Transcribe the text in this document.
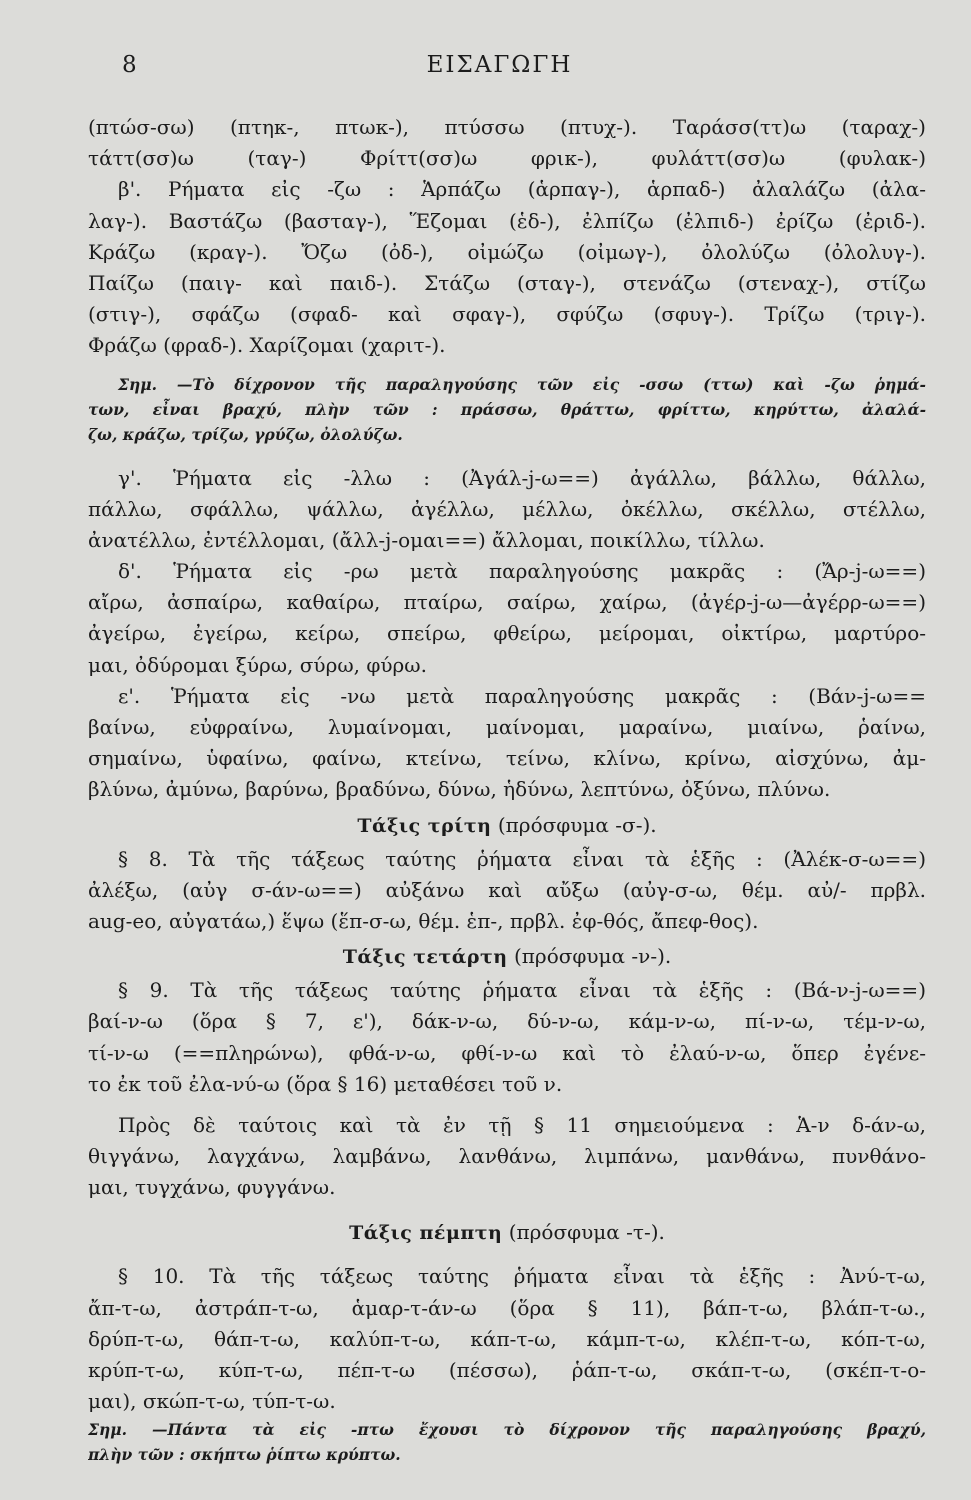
8	ΕΙΣΑΓΩΓΗ
(πτώσ-σω) (πτηκ-, πτωκ-), πτύσσω (πτυχ-). Ταράσσ(ττ)ω (ταραχ-)
τάττ(σσ)ω (ταγ-) Φρίττ(σσ)ω φρικ-), φυλάττ(σσ)ω (φυλακ-)
β'. Ρήματα εἰς -ζω : Ἁρπάζω (ἁρπαγ-), ἁρπαδ-) ἀλαλάζω (ἀλα-
λαγ-). Βαστάζω (βασταγ-), Ἕζομαι (ἑδ-), ἐλπίζω (ἐλπιδ-) ἐρίζω (ἐριδ-).
Κράζω (κραγ-). Ὄζω (ὀδ-), οἰμώζω (οἰμωγ-), ὀλολύζω (ὀλολυγ-).
Παίζω (παιγ- καὶ παιδ-). Στάζω (σταγ-), στενάζω (στεναχ-), στίζω
(στιγ-), σφάζω (σφαδ- καὶ σφαγ-), σφύζω (σφυγ-). Τρίζω (τριγ-).
Φράζω (φραδ-). Χαρίζομαι (χαριτ-).
Σημ. —Τὸ δίχρονον τῆς παραληγούσης τῶν εἰς -σσω (ττω) καὶ -ζω ῥημά-
των, εἶναι βραχύ, πλὴν τῶν : πράσσω, θράττω, φρίττω, κηρύττω, ἀλαλά-
ζω, κράζω, τρίζω, γρύζω, ὀλολύζω.
γ'. Ῥήματα εἰς -λλω : (Ἀγάλ-j-ω==) ἀγάλλω, βάλλω, θάλλω,
πάλλω, σφάλλω, ψάλλω, ἀγέλλω, μέλλω, ὀκέλλω, σκέλλω, στέλλω,
ἀνατέλλω, ἐντέλλομαι, (ἄλλ-j-ομαι==) ἄλλομαι, ποικίλλω, τίλλω.
δ'. Ῥήματα εἰς -ρω μετὰ παραληγούσης μακρᾶς : (Ἄρ-j-ω==)
αἴρω, ἀσπαίρω, καθαίρω, πταίρω, σαίρω, χαίρω, (ἀγέρ-j-ω—ἀγέρρ-ω==)
ἀγείρω, ἐγείρω, κείρω, σπείρω, φθείρω, μείρομαι, οἰκτίρω, μαρτύρο-
μαι, ὀδύρομαι ξύρω, σύρω, φύρω.
ε'. Ῥήματα εἰς -νω μετὰ παραληγούσης μακρᾶς : (Βάν-j-ω==
βαίνω, εὐφραίνω, λυμαίνομαι, μαίνομαι, μαραίνω, μιαίνω, ῥαίνω,
σημαίνω, ὑφαίνω, φαίνω, κτείνω, τείνω, κλίνω, κρίνω, αἰσχύνω, ἀμ-
βλύνω, ἀμύνω, βαρύνω, βραδύνω, δύνω, ἡδύνω, λεπτύνω, ὀξύνω, πλύνω.
Τάξις τρίτη (πρόσφυμα -σ-).
§ 8. Τὰ τῆς τάξεως ταύτης ῥήματα εἶναι τὰ ἑξῆς : (Ἀλέκ-σ-ω==)
ἀλέξω, (αὐγ σ-άν-ω==) αὐξάνω καὶ αὔξω (αὐγ-σ-ω, θέμ. αὐ/- πρβλ.
aug-eo, αὐγατάω,) ἕψω (ἕπ-σ-ω, θέμ. ἑπ-, πρβλ. ἐφ-θός, ἄπεφ-θος).
Τάξις τετάρτη (πρόσφυμα -ν-).
§ 9. Τὰ τῆς τάξεως ταύτης ῥήματα εἶναι τὰ ἑξῆς : (Βά-ν-j-ω==)
βαί-ν-ω (ὅρα § 7, ε'), δάκ-ν-ω, δύ-ν-ω, κάμ-ν-ω, πί-ν-ω, τέμ-ν-ω,
τί-ν-ω (==πληρώνω), φθά-ν-ω, φθί-ν-ω καὶ τὸ ἐλαύ-ν-ω, ὅπερ ἐγένε-
το ἐκ τοῦ ἐλα-νύ-ω (ὅρα § 16) μεταθέσει τοῦ ν.
Πρὸς δὲ ταύτοις καὶ τὰ ἐν τῇ § 11 σημειούμενα : Ἁ-ν δ-άν-ω,
θιγγάνω, λαγχάνω, λαμβάνω, λανθάνω, λιμπάνω, μανθάνω, πυνθάνο-
μαι, τυγχάνω, φυγγάνω.
Τάξις πέμπτη (πρόσφυμα -τ-).
§ 10. Τὰ τῆς τάξεως ταύτης ῥήματα εἶναι τὰ ἑξῆς : Ἀνύ-τ-ω,
ἄπ-τ-ω, ἀστράπ-τ-ω, ἁμαρ-τ-άν-ω (ὅρα § 11), βάπ-τ-ω, βλάπ-τ-ω.,
δρύπ-τ-ω, θάπ-τ-ω, καλύπ-τ-ω, κάπ-τ-ω, κάμπ-τ-ω, κλέπ-τ-ω, κόπ-τ-ω,
κρύπ-τ-ω, κύπ-τ-ω, πέπ-τ-ω (πέσσω), ῥάπ-τ-ω, σκάπ-τ-ω, (σκέπ-τ-ο-
μαι), σκώπ-τ-ω, τύπ-τ-ω.
Σημ. —Πάντα τὰ εἰς -πτω ἔχουσι τὸ δίχρονον τῆς παραληγούσης βραχύ,
πλὴν τῶν : σκήπτω ῥίπτω κρύπτω.
